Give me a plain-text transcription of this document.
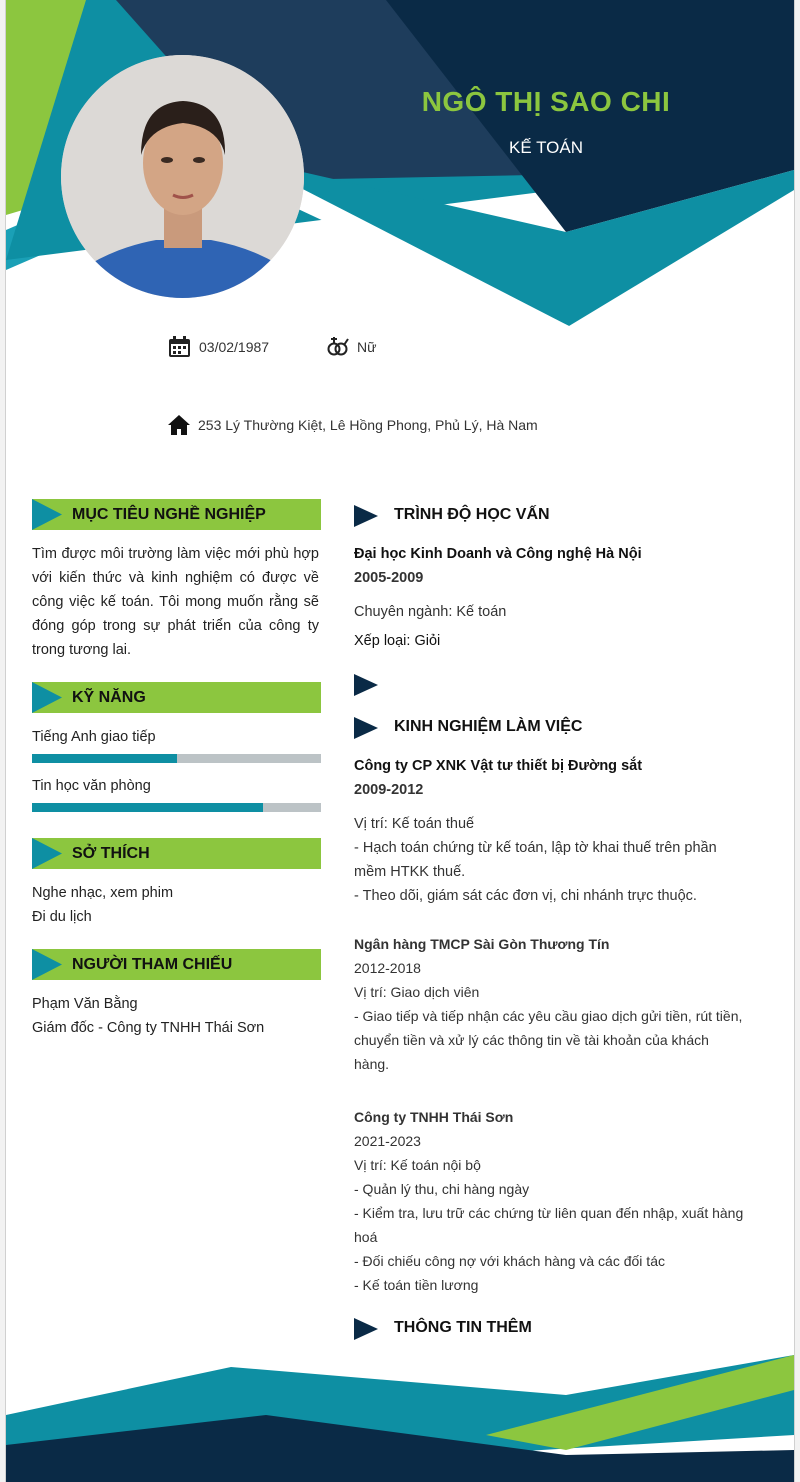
NGÔ THỊ SAO CHI
KẾ TOÁN
03/02/1987	Nữ
253 Lý Thường Kiệt, Lê Hồng Phong, Phủ Lý, Hà Nam
MỤC TIÊU NGHỀ NGHIỆP
Tìm được môi trường làm việc mới phù hợp với kiến thức và kinh nghiệm có được về công việc kế toán. Tôi mong muốn rằng sẽ đóng góp trong sự phát triển của công ty trong tương lai.
KỸ NĂNG
Tiếng Anh giao tiếp
Tin học văn phòng
SỞ THÍCH
Nghe nhạc, xem phim
Đi du lịch
NGƯỜI THAM CHIẾU
Phạm Văn Bằng
Giám đốc - Công ty TNHH Thái Sơn
TRÌNH ĐỘ HỌC VẤN
Đại học Kinh Doanh và Công nghệ Hà Nội
2005-2009
Chuyên ngành: Kế toán
Xếp loại: Giỏi
KINH NGHIỆM LÀM VIỆC
Công ty CP XNK Vật tư thiết bị Đường sắt
2009-2012
Vị trí: Kế toán thuế
- Hạch toán chứng từ kế toán, lập tờ khai thuế trên phần mềm HTKK thuế.
- Theo dõi, giám sát các đơn vị, chi nhánh trực thuộc.
Ngân hàng TMCP Sài Gòn Thương Tín
2012-2018
Vị trí: Giao dịch viên
- Giao tiếp và tiếp nhận các yêu cầu giao dịch gửi tiền, rút tiền, chuyển tiền và xử lý các thông tin về tài khoản của khách hàng.
Công ty TNHH Thái Sơn
2021-2023
Vị trí: Kế toán nội bộ
- Quản lý thu, chi hàng ngày
- Kiểm tra, lưu trữ các chứng từ liên quan đến nhập, xuất hàng hoá
- Đối chiếu công nợ với khách hàng và các đối tác
- Kế toán tiền lương
THÔNG TIN THÊM
